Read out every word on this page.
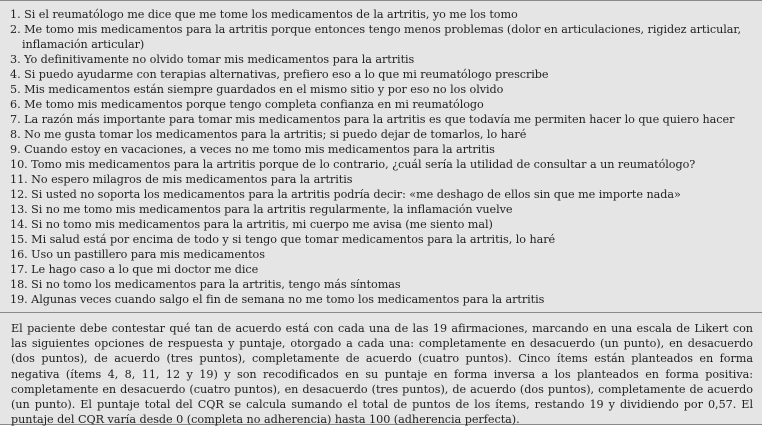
1. Si el reumatólogo me dice que me tome los medicamentos de la artritis, yo me los tomo
2. Me tomo mis medicamentos para la artritis porque entonces tengo menos problemas (dolor en articulaciones, rigidez articular,
inflamación articular)
3. Yo definitivamente no olvido tomar mis medicamentos para la artritis
4. Si puedo ayudarme con terapias alternativas, prefiero eso a lo que mi reumatólogo prescribe
5. Mis medicamentos están siempre guardados en el mismo sitio y por eso no los olvido
6. Me tomo mis medicamentos porque tengo completa confianza en mi reumatólogo
7. La razón más importante para tomar mis medicamentos para la artritis es que todavía me permiten hacer lo que quiero hacer
8. No me gusta tomar los medicamentos para la artritis; si puedo dejar de tomarlos, lo haré
9. Cuando estoy en vacaciones, a veces no me tomo mis medicamentos para la artritis
10. Tomo mis medicamentos para la artritis porque de lo contrario, ¿cuál sería la utilidad de consultar a un reumatólogo?
11. No espero milagros de mis medicamentos para la artritis
12. Si usted no soporta los medicamentos para la artritis podría decir: «me deshago de ellos sin que me importe nada»
13. Si no me tomo mis medicamentos para la artritis regularmente, la inflamación vuelve
14. Si no tomo mis medicamentos para la artritis, mi cuerpo me avisa (me siento mal)
15. Mi salud está por encima de todo y si tengo que tomar medicamentos para la artritis, lo haré
16. Uso un pastillero para mis medicamentos
17. Le hago caso a lo que mi doctor me dice
18. Si no tomo los medicamentos para la artritis, tengo más síntomas
19. Algunas veces cuando salgo el fin de semana no me tomo los medicamentos para la artritis
El paciente debe contestar qué tan de acuerdo está con cada una de las 19 afirmaciones, marcando en una escala de Likert con las siguientes opciones de respuesta y puntaje, otorgado a cada una: completamente en desacuerdo (un punto), en desacuerdo (dos puntos), de acuerdo (tres puntos), completamente de acuerdo (cuatro puntos). Cinco ítems están planteados en forma negativa (ítems 4, 8, 11, 12 y 19) y son recodificados en su puntaje en forma inversa a los planteados en forma positiva: completamente en desacuerdo (cuatro puntos), en desacuerdo (tres puntos), de acuerdo (dos puntos), completamente de acuerdo (un punto). El puntaje total del CQR se calcula sumando el total de puntos de los ítems, restando 19 y dividiendo por 0,57. El puntaje del CQR varía desde 0 (completa no adherencia) hasta 100 (adherencia perfecta).
